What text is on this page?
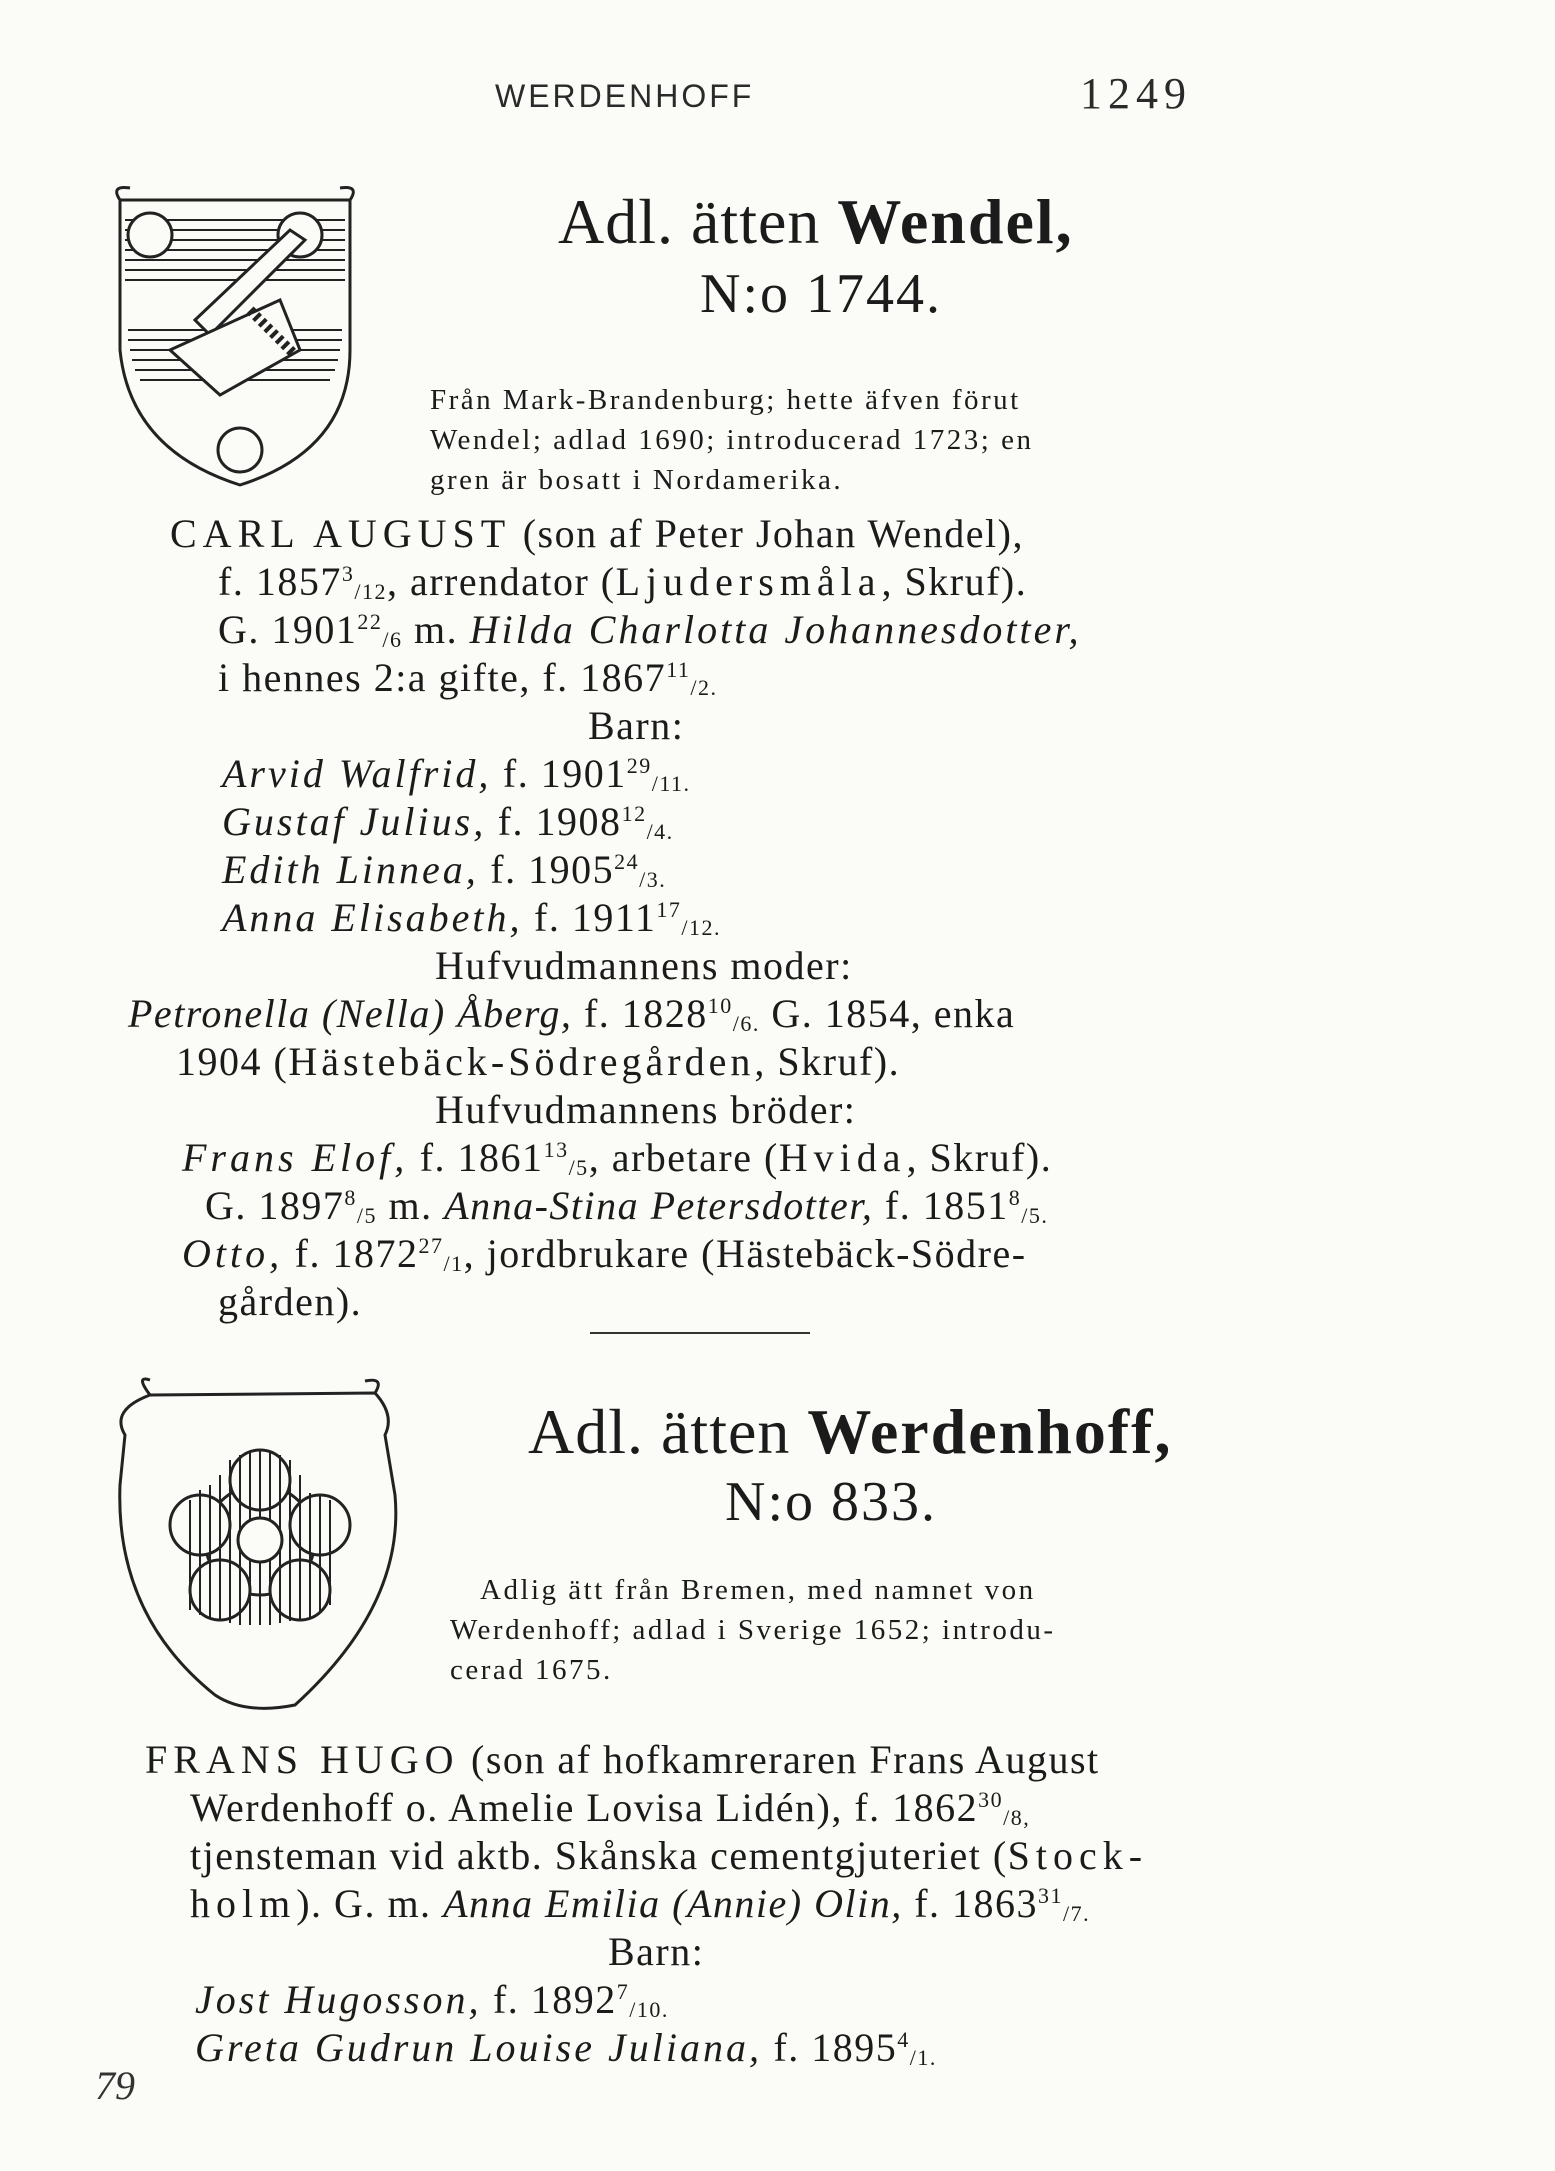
WERDENHOFF	1249
Adl. ätten Wendel,
N:o 1744.
Från Mark-Brandenburg; hette äfven förut
Wendel; adlad 1690; introducerad 1723; en
gren är bosatt i Nordamerika.
CARL AUGUST (son af Peter Johan Wendel),
f. $1857^3_{/12}$, arrendator (Ljudersmåla, Skruf).
G. $1901^{22}_{/6}$ m. Hilda Charlotta Johannesdotter,
i hennes 2:a gifte, f. $1867^{11}_{/2.}$
Barn:
Arvid Walfrid, f. $1901^{29}_{/11.}$
Gustaf Julius, f. $1908^{12}_{/4.}$
Edith Linnea, f. $1905^{24}_{/3.}$
Anna Elisabeth, f. $1911^{17}_{/12.}$
Hufvudmannens moder:
Petronella (Nella) Åberg, f. $1828^{10}_{/6.}$ G. 1854, enka
1904 (Hästebäck-Södregården, Skruf).
Hufvudmannens bröder:
Frans Elof, f. $1861^{13}_{/5}$, arbetare (Hvida, Skruf).
G. $1897^8_{/5}$ m. Anna-Stina Petersdotter, f. $1851^8_{/5.}$
Otto, f. $1872^{27}_{/1}$, jordbrukare (Hästebäck-Södre-
gården).
Adl. ätten Werdenhoff,
N:o 833.
Adlig ätt från Bremen, med namnet von
Werdenhoff; adlad i Sverige 1652; introdu-
cerad 1675.
FRANS HUGO (son af hofkamreraren Frans August
Werdenhoff o. Amelie Lovisa Lidén), f. $1862^{30}_{/8,}$
tjensteman vid aktb. Skånska cementgjuteriet (Stock-
holm). G. m. Anna Emilia (Annie) Olin, f. $1863^{31}_{/7.}$
Barn:
Jost Hugosson, f. $1892^7_{/10.}$
Greta Gudrun Louise Juliana, f. $1895^4_{/1.}$
79
